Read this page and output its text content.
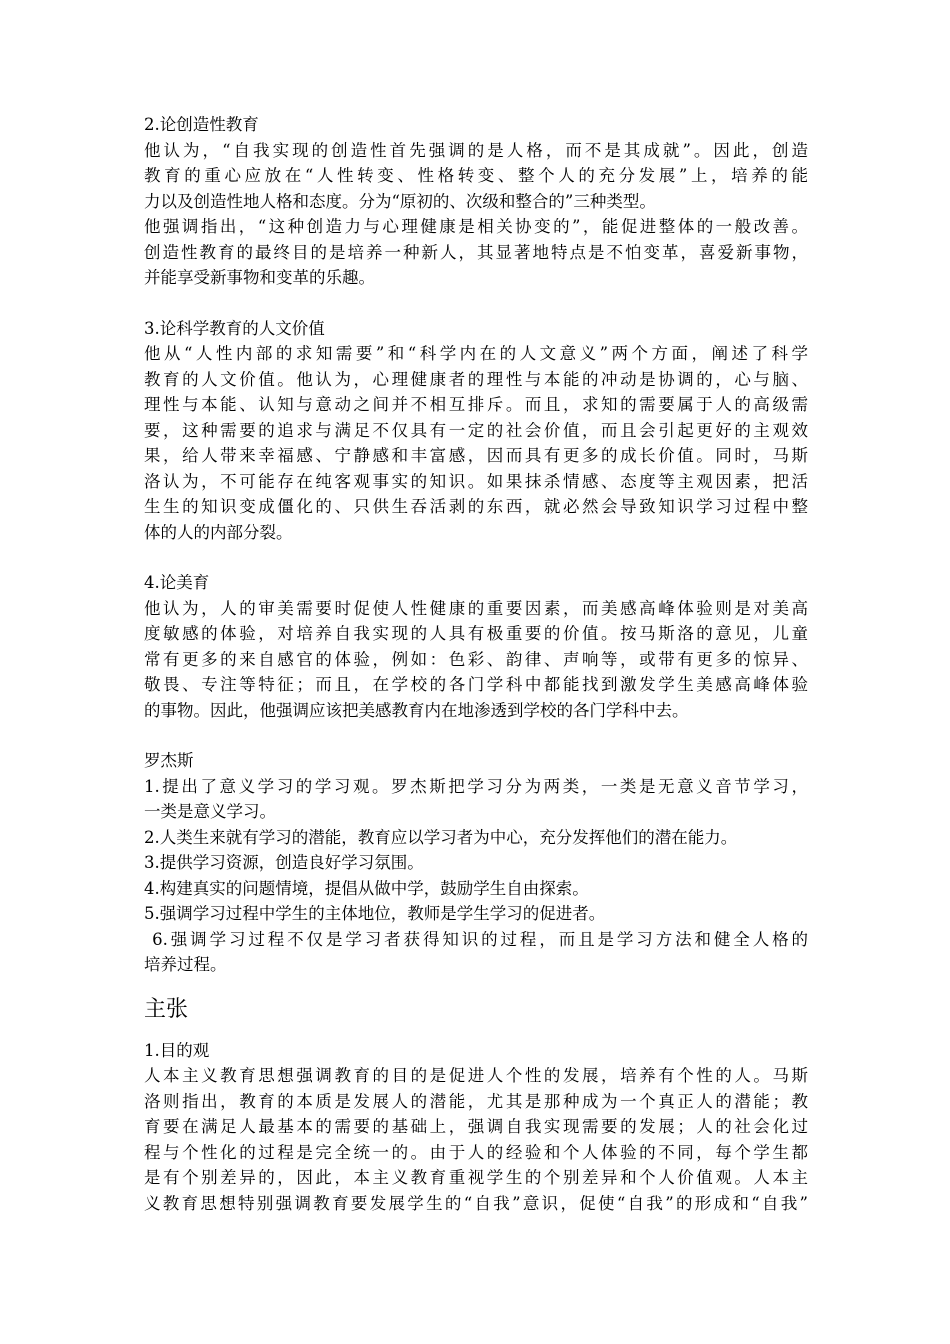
2.论创造性教育
他认为，“自我实现的创造性首先强调的是人格，而不是其成就”。因此，创造
教育的重心应放在“人性转变、性格转变、整个人的充分发展”上，培养的能
力以及创造性地人格和态度。分为“原初的、次级和整合的”三种类型。
他强调指出，“这种创造力与心理健康是相关协变的”，能促进整体的一般改善。
创造性教育的最终目的是培养一种新人，其显著地特点是不怕变革，喜爱新事物，
并能享受新事物和变革的乐趣。
3.论科学教育的人文价值
他从“人性内部的求知需要”和“科学内在的人文意义”两个方面，阐述了科学
教育的人文价值。他认为，心理健康者的理性与本能的冲动是协调的，心与脑、
理性与本能、认知与意动之间并不相互排斥。而且，求知的需要属于人的高级需
要，这种需要的追求与满足不仅具有一定的社会价值，而且会引起更好的主观效
果，给人带来幸福感、宁静感和丰富感，因而具有更多的成长价值。同时，马斯
洛认为，不可能存在纯客观事实的知识。如果抹杀情感、态度等主观因素，把活
生生的知识变成僵化的、只供生吞活剥的东西，就必然会导致知识学习过程中整
体的人的内部分裂。
4.论美育
他认为，人的审美需要时促使人性健康的重要因素，而美感高峰体验则是对美高
度敏感的体验，对培养自我实现的人具有极重要的价值。按马斯洛的意见，儿童
常有更多的来自感官的体验，例如：色彩、韵律、声响等，或带有更多的惊异、
敬畏、专注等特征；而且，在学校的各门学科中都能找到激发学生美感高峰体验
的事物。因此，他强调应该把美感教育内在地渗透到学校的各门学科中去。
罗杰斯
1.提出了意义学习的学习观。罗杰斯把学习分为两类，一类是无意义音节学习，
一类是意义学习。
2.人类生来就有学习的潜能，教育应以学习者为中心，充分发挥他们的潜在能力。
3.提供学习资源，创造良好学习氛围。
4.构建真实的问题情境，提倡从做中学，鼓励学生自由探索。
5.强调学习过程中学生的主体地位，教师是学生学习的促进者。
6.强调学习过程不仅是学习者获得知识的过程，而且是学习方法和健全人格的
培养过程。
主张
1.目的观
人本主义教育思想强调教育的目的是促进人个性的发展，培养有个性的人。马斯
洛则指出，教育的本质是发展人的潜能，尤其是那种成为一个真正人的潜能；教
育要在满足人最基本的需要的基础上，强调自我实现需要的发展；人的社会化过
程与个性化的过程是完全统一的。由于人的经验和个人体验的不同，每个学生都
是有个别差异的，因此，本主义教育重视学生的个别差异和个人价值观。人本主
义教育思想特别强调教育要发展学生的“自我”意识，促使“自我”的形成和“自我”
